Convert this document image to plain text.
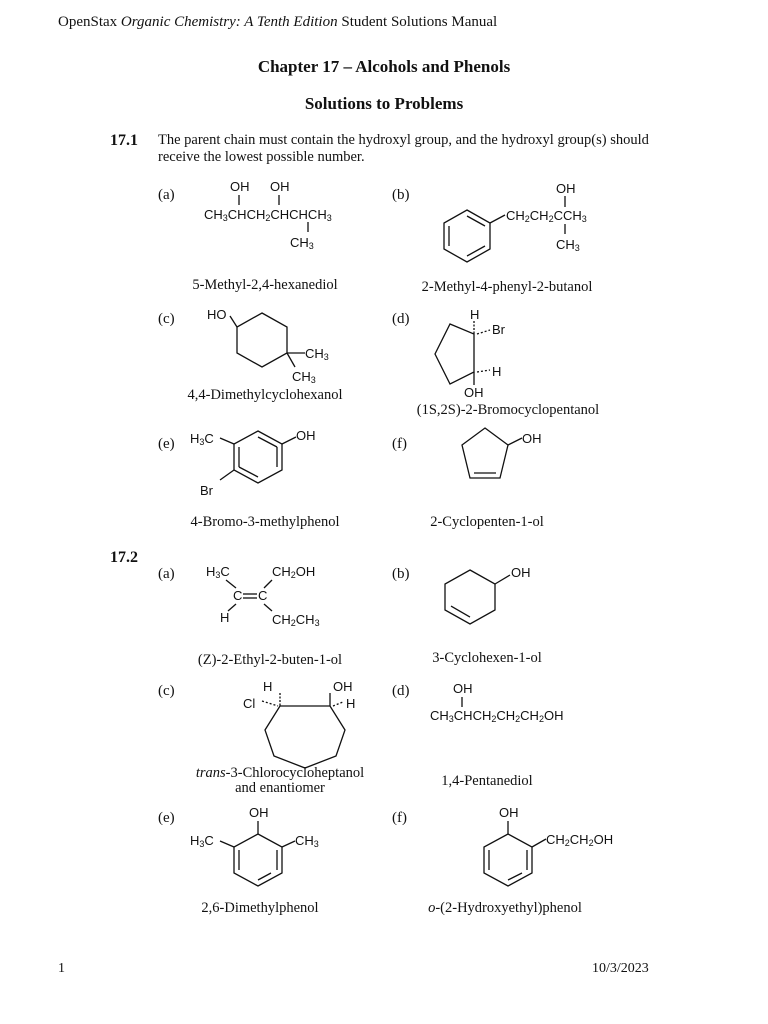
OpenStax Organic Chemistry: A Tenth Edition Student Solutions Manual
Chapter 17 – Alcohols and Phenols
Solutions to Problems
17.1 The parent chain must contain the hydroxyl group, and the hydroxyl group(s) should receive the lowest possible number.
(a)
OH OH
$CH_3CHCH_2CHCHCH_3$
$CH_3$
5-Methyl-2,4-hexanediol
(b)	OH
$CH_2CH_2CCH_3$
$CH_3$
2-Methyl-4-phenyl-2-butanol
(c) HO
$CH_3$
$CH_3$
4,4-Dimethylcyclohexanol
(d)	H
Br
H
OH
(1S,2S)-2-Bromocyclopentanol
(e) $H_3C$	OH
Br
4-Bromo-3-methylphenol
(f)	OH
2-Cyclopenten-1-ol
17.2
(a) $H_3C$	$CH_2OH$
C C
H	$CH_2CH_3$
(Z)-2-Ethyl-2-buten-1-ol
(b)	OH
3-Cyclohexen-1-ol
(c)	H
Cl
OH
H
trans-3-Chlorocycloheptanol
and enantiomer
(d)	OH
$CH_3CHCH_2CH_2CH_2OH$
1,4-Pentanediol
(e)	OH
$H_3C$	$CH_3$
2,6-Dimethylphenol
(f)	OH
$CH_2CH_2OH$
o-(2-Hydroxyethyl)phenol
1	10/3/2023
